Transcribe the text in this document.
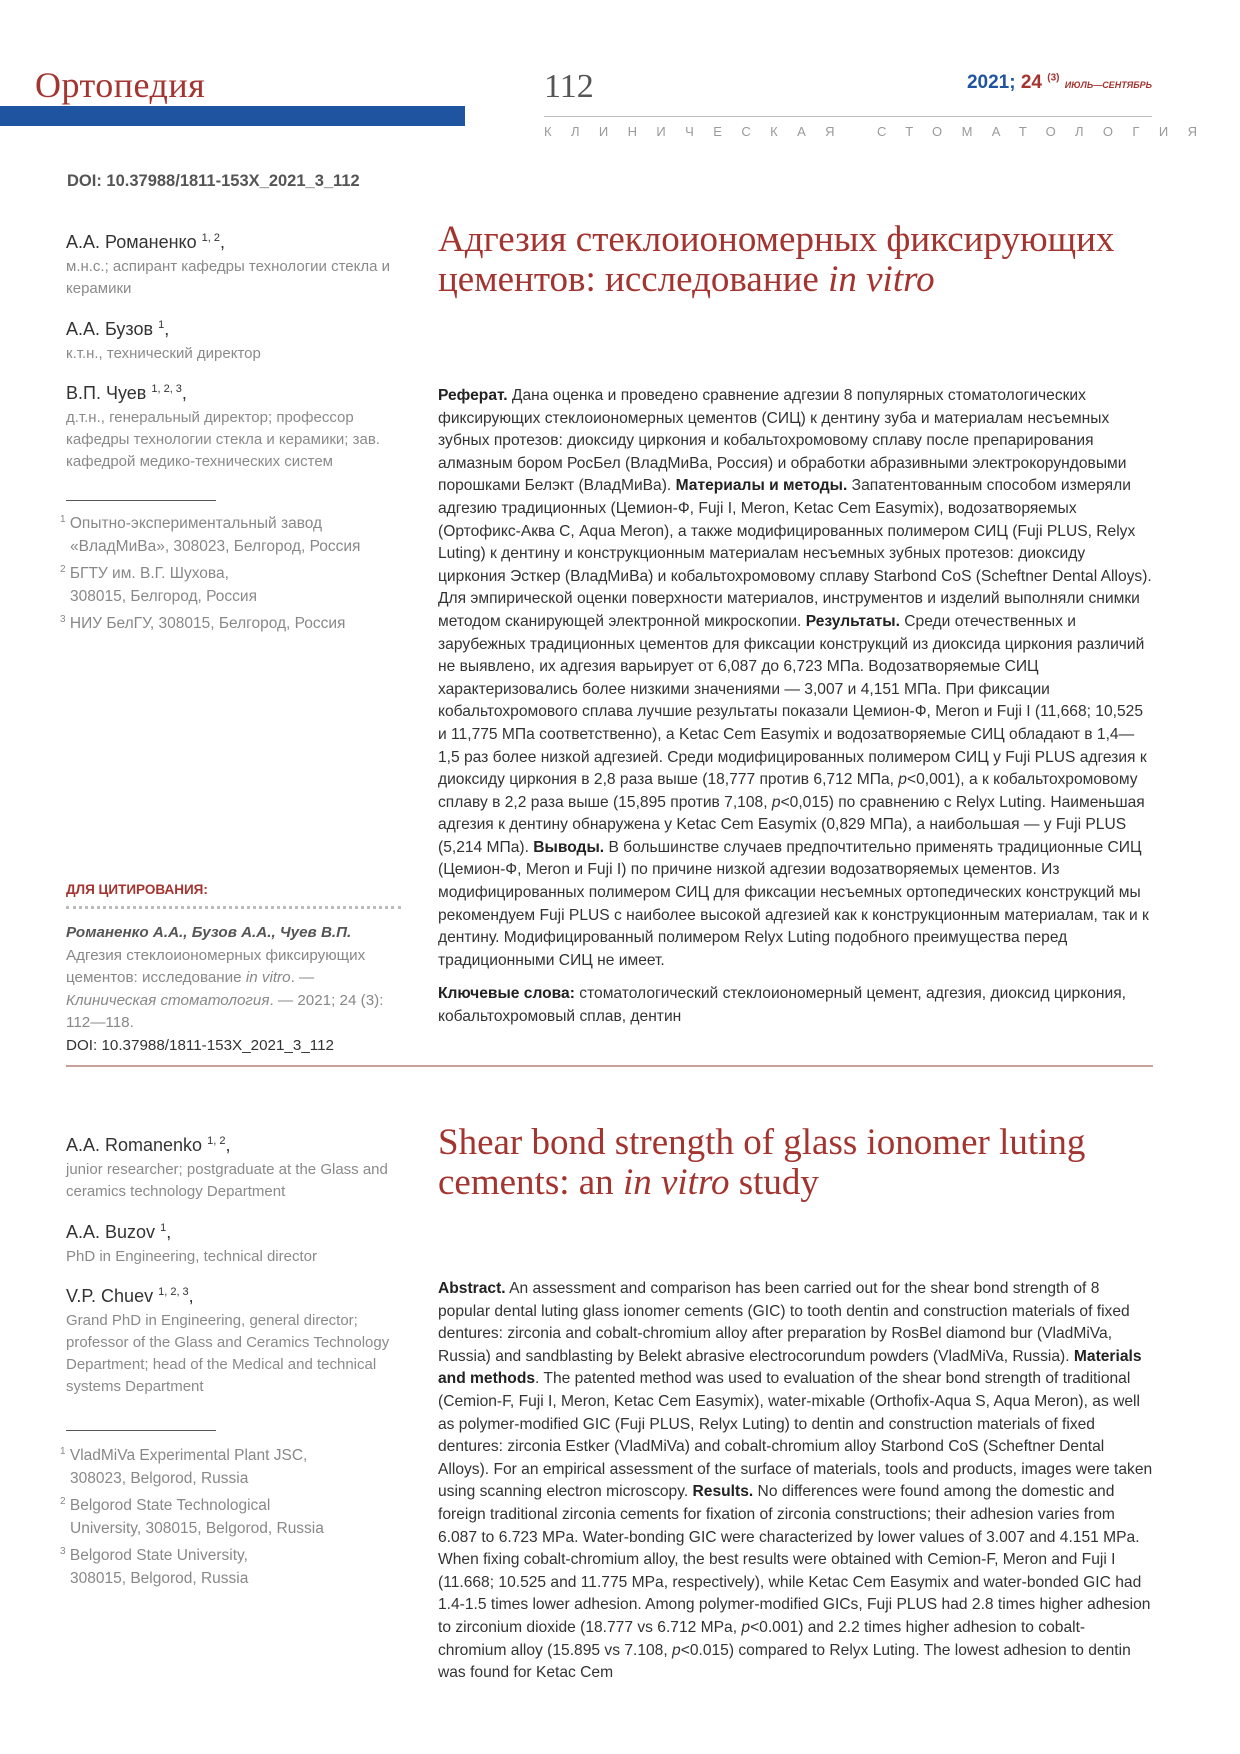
Ортопедия	112	2021; 24 $^{(3)}$ ИЮЛЬ—СЕНТЯБРЬ
КЛИНИЧЕСКАЯ СТОМАТОЛОГИЯ
DOI: 10.37988/1811-153X_2021_3_112
А.А. Романенко $^{1, 2}$,
м.н.с.; аспирант кафедры технологии стекла и керамики
А.А. Бузов $^1$,
к.т.н., технический директор
В.П. Чуев $^{1, 2, 3}$,
д.т.н., генеральный директор; профессор кафедры технологии стекла и керамики; зав. кафедрой медико-технических систем
$^1$ Опытно-экспериментальный завод
«ВладМиВа», 308023, Белгород, Россия
$^2$ БГТУ им. В.Г. Шухова,
308015, Белгород, Россия
$^3$ НИУ БелГУ, 308015, Белгород, Россия
Адгезия стеклоиономерных фиксирующих цементов: исследование in vitro
Реферат. Дана оценка и проведено сравнение адгезии 8 популярных стоматологических фиксирующих стеклоиономерных цементов (СИЦ) к дентину зуба и материалам несъемных зубных протезов: диоксиду циркония и кобальтохромовому сплаву после препарирования алмазным бором РосБел (ВладМиВа, Россия) и обработки абразивными электрокорундовыми порошками Белэкт (ВладМиВа). Материалы и методы. Запатентованным способом измеряли адгезию традиционных (Цемион-Ф, Fuji I, Meron, Ketac Cem Easymix), водозатворяемых (Ортофикс-Аква С, Aqua Meron), а также модифицированных полимером СИЦ (Fuji PLUS, Relyx Luting) к дентину и конструкционным материалам несъемных зубных протезов: диоксиду циркония Эсткер (ВладМиВа) и кобальтохромовому сплаву Starbond CoS (Scheftner Dental Alloys). Для эмпирической оценки поверхности материалов, инструментов и изделий выполняли снимки методом сканирующей электронной микроскопии. Результаты. Среди отечественных и зарубежных традиционных цементов для фиксации конструкций из диоксида циркония различий не выявлено, их адгезия варьирует от 6,087 до 6,723 МПа. Водозатворяемые СИЦ характеризовались более низкими значениями — 3,007 и 4,151 МПа. При фиксации кобальтохромового сплава лучшие результаты показали Цемион-Ф, Meron и Fuji I (11,668; 10,525 и 11,775 МПа соответственно), а Ketac Cem Easymix и водозатворяемые СИЦ обладают в 1,4—1,5 раз более низкой адгезией. Среди модифицированных полимером СИЦ у Fuji PLUS адгезия к диоксиду циркония в 2,8 раза выше (18,777 против 6,712 МПа, p<0,001), а к кобальтохромовому сплаву в 2,2 раза выше (15,895 против 7,108, p<0,015) по сравнению с Relyx Luting. Наименьшая адгезия к дентину обнаружена у Ketac Cem Easymix (0,829 МПа), а наибольшая — у Fuji PLUS (5,214 МПа). Выводы. В большинстве случаев предпочтительно применять традиционные СИЦ (Цемион-Ф, Meron и Fuji I) по причине низкой адгезии водозатворяемых цементов. Из модифицированных полимером СИЦ для фиксации несъемных ортопедических конструкций мы рекомендуем Fuji PLUS с наиболее высокой адгезией как к конструкционным материалам, так и к дентину. Модифицированный полимером Relyx Luting подобного преимущества перед традиционными СИЦ не имеет.
Ключевые слова: стоматологический стеклоиономерный цемент, адгезия, диоксид циркония, кобальтохромовый сплав, дентин
ДЛЯ ЦИТИРОВАНИЯ:
Романенко А.А., Бузов А.А., Чуев В.П. Адгезия стеклоиономерных фиксирующих цементов: исследование in vitro. — Клиническая стоматология. — 2021; 24 (3): 112—118.
DOI: 10.37988/1811-153X_2021_3_112
A.A. Romanenko $^{1, 2}$,
junior researcher; postgraduate at the Glass and ceramics technology Department
A.A. Buzov $^1$,
PhD in Engineering, technical director
V.P. Chuev $^{1, 2, 3}$,
Grand PhD in Engineering, general director; professor of the Glass and Ceramics Technology Department; head of the Medical and technical systems Department
$^1$ VladMiVa Experimental Plant JSC,
308023, Belgorod, Russia
$^2$ Belgorod State Technological
University, 308015, Belgorod, Russia
$^3$ Belgorod State University,
308015, Belgorod, Russia
Shear bond strength of glass ionomer luting cements: an in vitro study
Abstract. An assessment and comparison has been carried out for the shear bond strength of 8 popular dental luting glass ionomer cements (GIC) to tooth dentin and construction materials of fixed dentures: zirconia and cobalt-chromium alloy after preparation by RosBel diamond bur (VladMiVa, Russia) and sandblasting by Belekt abrasive electrocorundum powders (VladMiVa, Russia). Materials and methods. The patented method was used to evaluation of the shear bond strength of traditional (Cemion-F, Fuji I, Meron, Ketac Cem Easymix), water-mixable (Orthofix-Aqua S, Aqua Meron), as well as polymer-modified GIC (Fuji PLUS, Relyx Luting) to dentin and construction materials of fixed dentures: zirconia Estker (VladMiVa) and cobalt-chromium alloy Starbond CoS (Scheftner Dental Alloys). For an empirical assessment of the surface of materials, tools and products, images were taken using scanning electron microscopy. Results. No differences were found among the domestic and foreign traditional zirconia cements for fixation of zirconia constructions; their adhesion varies from 6.087 to 6.723 MPa. Water-bonding GIC were characterized by lower values of 3.007 and 4.151 MPa. When fixing cobalt-chromium alloy, the best results were obtained with Cemion-F, Meron and Fuji I (11.668; 10.525 and 11.775 MPa, respectively), while Ketac Cem Easymix and water-bonded GIC had 1.4-1.5 times lower adhesion. Among polymer-modified GICs, Fuji PLUS had 2.8 times higher adhesion to zirconium dioxide (18.777 vs 6.712 MPa, p<0.001) and 2.2 times higher adhesion to cobalt-chromium alloy (15.895 vs 7.108, p<0.015) compared to Relyx Luting. The lowest adhesion to dentin was found for Ketac Cem
